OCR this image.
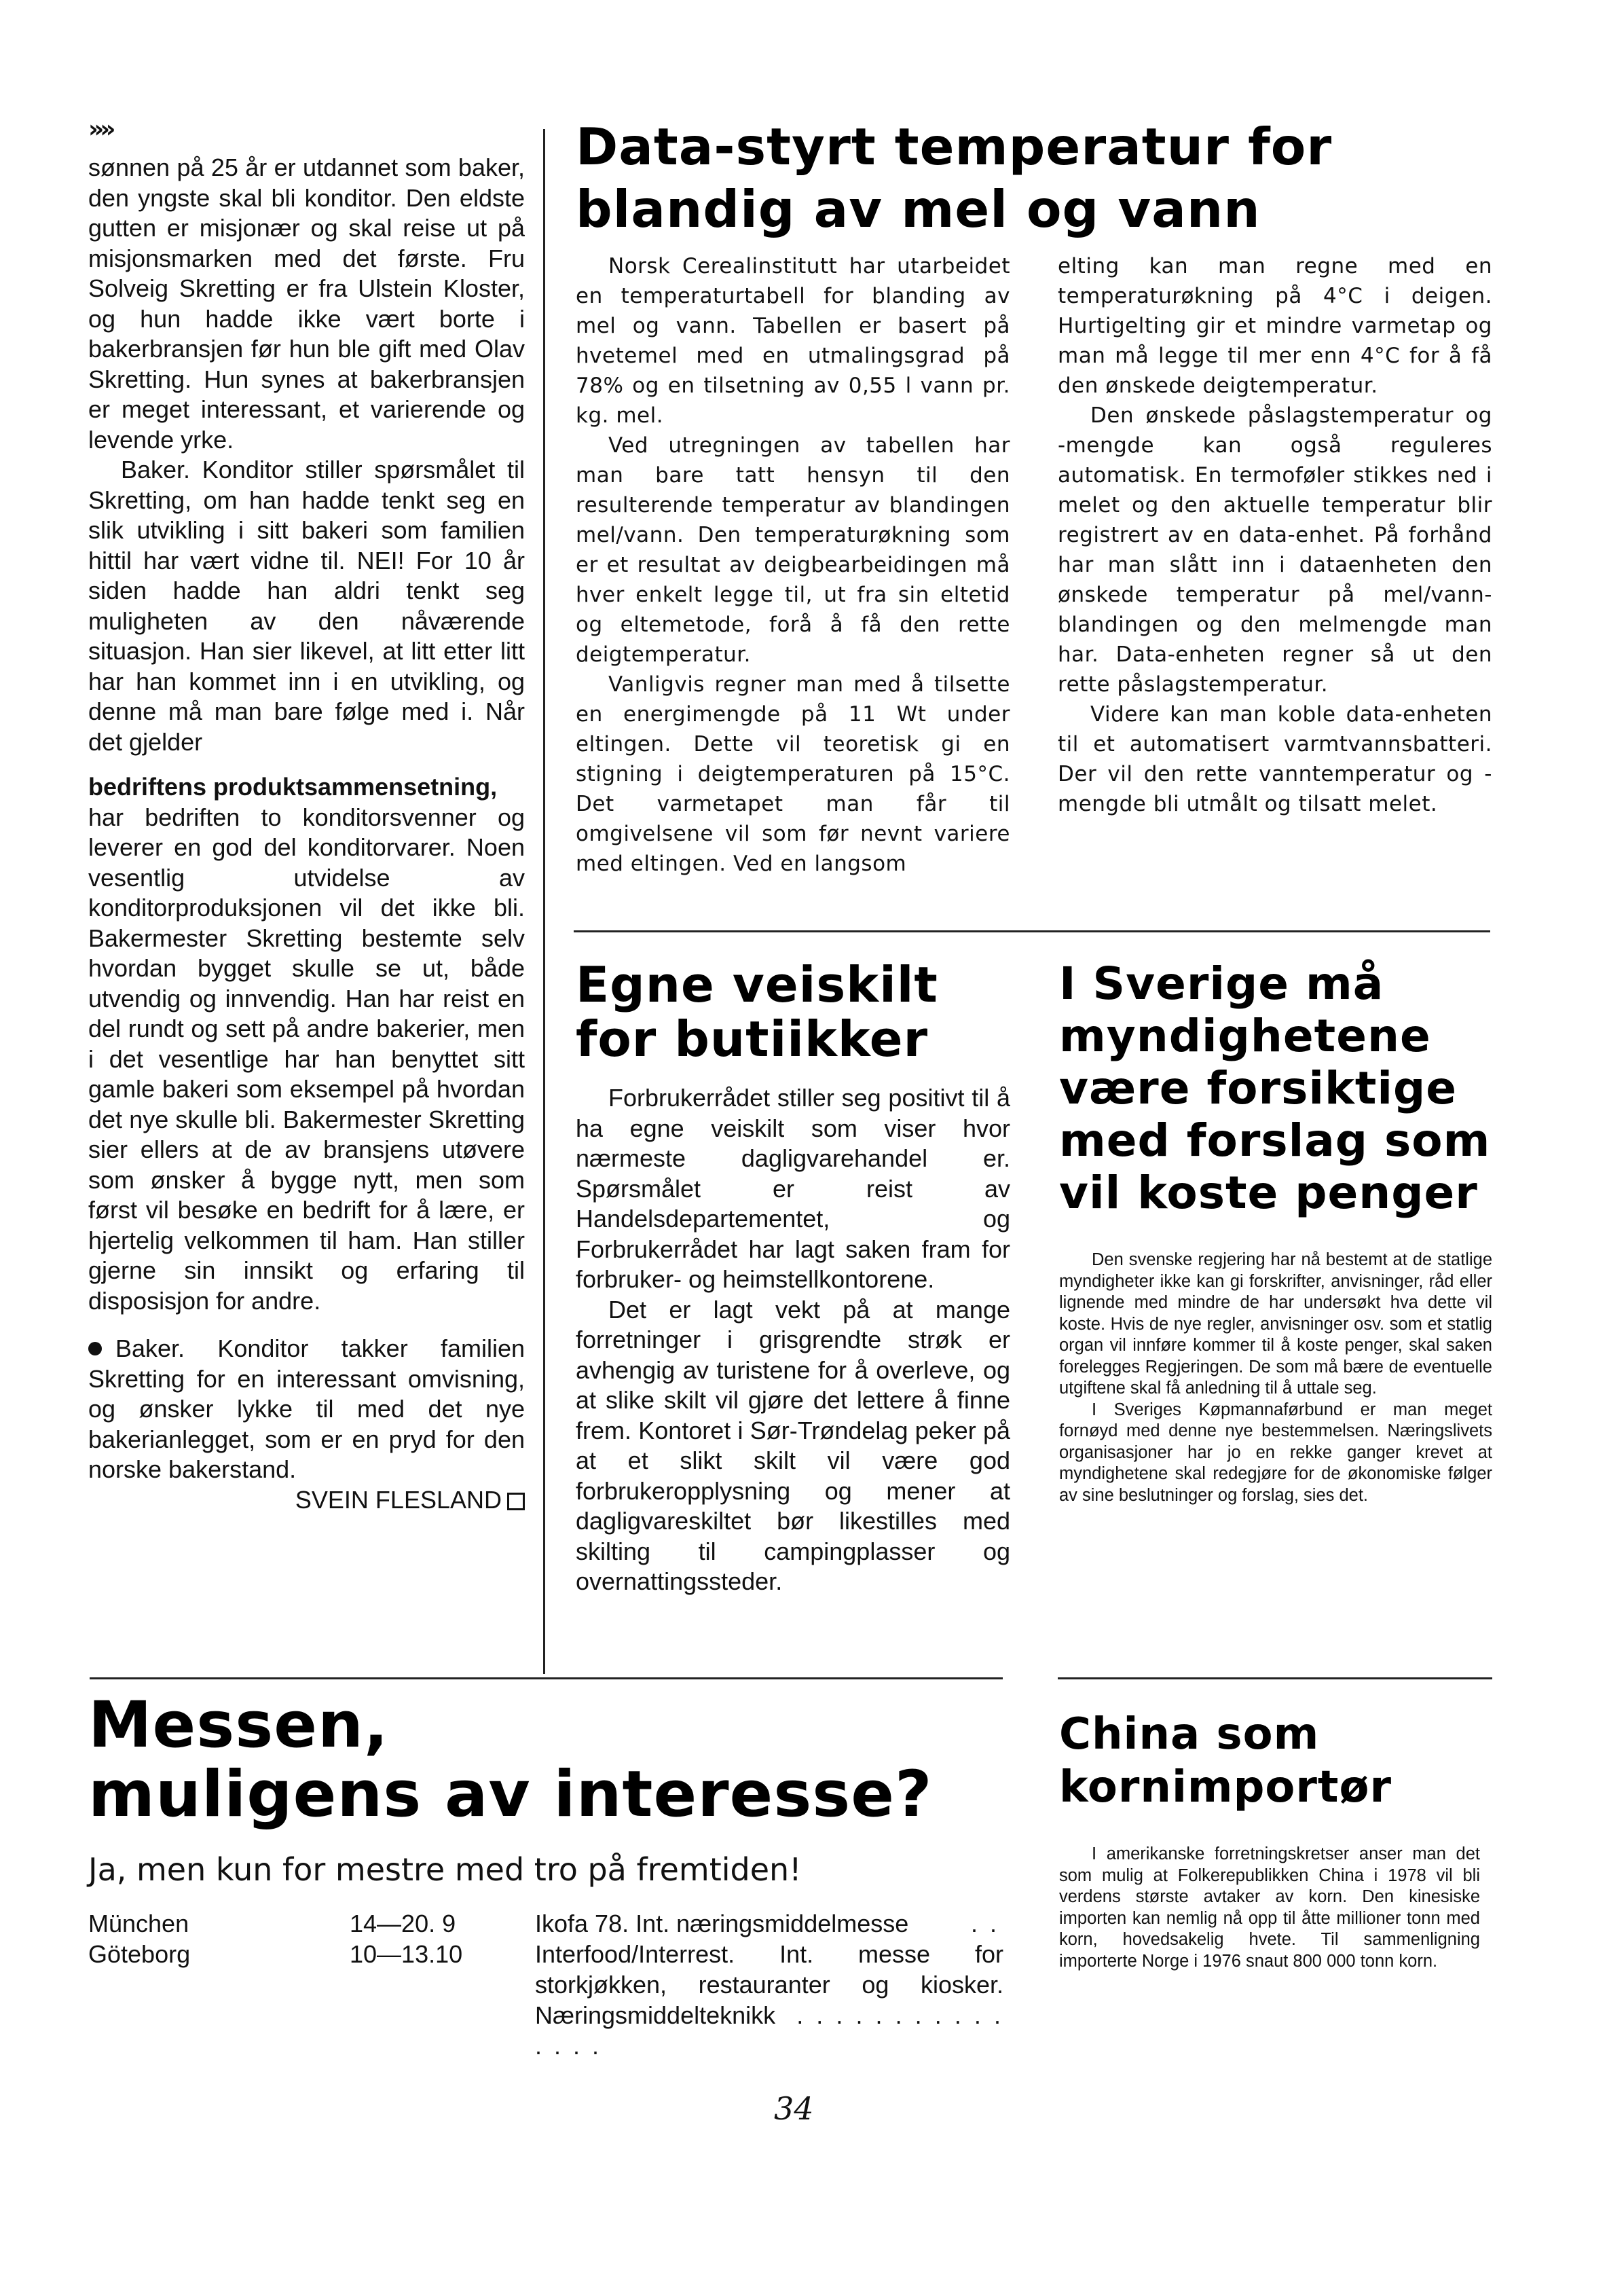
»»

sønnen på 25 år er utdannet som baker, den yngste skal bli konditor. Den eldste gutten er misjonær og skal reise ut på misjonsmarken med det første. Fru Solveig Skretting er fra Ulstein Kloster, og hun hadde ikke vært borte i bakerbransjen før hun ble gift med Olav Skretting. Hun synes at bakerbransjen er meget interessant, et varierende og levende yrke.

Baker. Konditor stiller spørsmålet til Skretting, om han hadde tenkt seg en slik utvikling i sitt bakeri som familien hittil har vært vidne til. NEI! For 10 år siden hadde han aldri tenkt seg muligheten av den nåværende situasjon. Han sier likevel, at litt etter litt har han kommet inn i en utvikling, og denne må man bare følge med i. Når det gjelder

bedriftens produktsammensetning,

har bedriften to konditorsvenner og leverer en god del konditorvarer. Noen vesentlig utvidelse av konditorproduksjonen vil det ikke bli. Bakermester Skretting bestemte selv hvordan bygget skulle se ut, både utvendig og innvendig. Han har reist en del rundt og sett på andre bakerier, men i det vesentlige har han benyttet sitt gamle bakeri som eksempel på hvordan det nye skulle bli. Bakermester Skretting sier ellers at de av bransjens utøvere som ønsker å bygge nytt, men som først vil besøke en bedrift for å lære, er hjertelig velkommen til ham. Han stiller gjerne sin innsikt og erfaring til disposisjon for andre.

Baker. Konditor takker familien Skretting for en interessant omvisning, og ønsker lykke til med det nye bakerianlegget, som er en pryd for den norske bakerstand.

SVEIN FLESLAND

Data-styrt temperatur for blandig av mel og vann

Norsk Cerealinstitutt har utarbeidet en temperaturtabell for blanding av mel og vann. Tabellen er basert på hvetemel med en utmalingsgrad på 78% og en tilsetning av 0,55 l vann pr. kg. mel.

Ved utregningen av tabellen har man bare tatt hensyn til den resulterende temperatur av blandingen mel/vann. Den temperaturøkning som er et resultat av deigbearbeidingen må hver enkelt legge til, ut fra sin eltetid og eltemetode, forå å få den rette deigtemperatur.

Vanligvis regner man med å tilsette en energimengde på 11 Wt under eltingen. Dette vil teoretisk gi en stigning i deigtemperaturen på 15°C. Det varmetapet man får til omgivelsene vil som før nevnt variere med eltingen. Ved en langsom

elting kan man regne med en temperaturøkning på 4°C i deigen. Hurtigelting gir et mindre varmetap og man må legge til mer enn 4°C for å få den ønskede deigtemperatur.

Den ønskede påslagstemperatur og -mengde kan også reguleres automatisk. En termoføler stikkes ned i melet og den aktuelle temperatur blir registrert av en data-enhet. På forhånd har man slått inn i dataenheten den ønskede temperatur på mel/vann-blandingen og den melmengde man har. Data-enheten regner så ut den rette påslagstemperatur.

Videre kan man koble data-enheten til et automatisert varmtvannsbatteri. Der vil den rette vanntemperatur og -mengde bli utmålt og tilsatt melet.

Egne veiskilt for butiikker

Forbrukerrådet stiller seg positivt til å ha egne veiskilt som viser hvor nærmeste dagligvarehandel er. Spørsmålet er reist av Handelsdepartementet, og Forbrukerrådet har lagt saken fram for forbruker- og heimstellkontorene.

Det er lagt vekt på at mange forretninger i grisgrendte strøk er avhengig av turistene for å overleve, og at slike skilt vil gjøre det lettere å finne frem. Kontoret i Sør-Trøndelag peker på at et slikt skilt vil være god forbrukeropplysning og mener at dagligvareskiltet bør likestilles med skilting til campingplasser og overnattingssteder.

I Sverige må myndighetene være forsiktige med forslag som vil koste penger

Den svenske regjering har nå bestemt at de statlige myndigheter ikke kan gi forskrifter, anvisninger, råd eller lignende med mindre de har undersøkt hva dette vil koste. Hvis de nye regler, anvisninger osv. som et statlig organ vil innføre kommer til å koste penger, skal saken forelegges Regjeringen. De som må bære de eventuelle utgiftene skal få anledning til å uttale seg.

I Sveriges Køpmannaførbund er man meget fornøyd med denne nye bestemmelsen. Næringslivets organisasjoner har jo en rekke ganger krevet at myndighetene skal redegjøre for de økonomiske følger av sine beslutninger og forslag, sies det.

Messen,
muligens av interesse?
Ja, men kun for mestre med tro på fremtiden!
München	14—20. 9	Ikofa 78. Int. næringsmiddelmesse	. .
Göteborg	10—13.10	Interfood/Interrest. Int. messe for storkjøkken, restauranter og kiosker. Næringsmiddelteknikk . . . . . . . . . . . . . . .
China som kornimportør

I amerikanske forretningskretser anser man det som mulig at Folkerepublikken China i 1978 vil bli verdens største avtaker av korn. Den kinesiske importen kan nemlig nå opp til åtte millioner tonn med korn, hovedsakelig hvete. Til sammenligning importerte Norge i 1976 snaut 800 000 tonn korn.

34
